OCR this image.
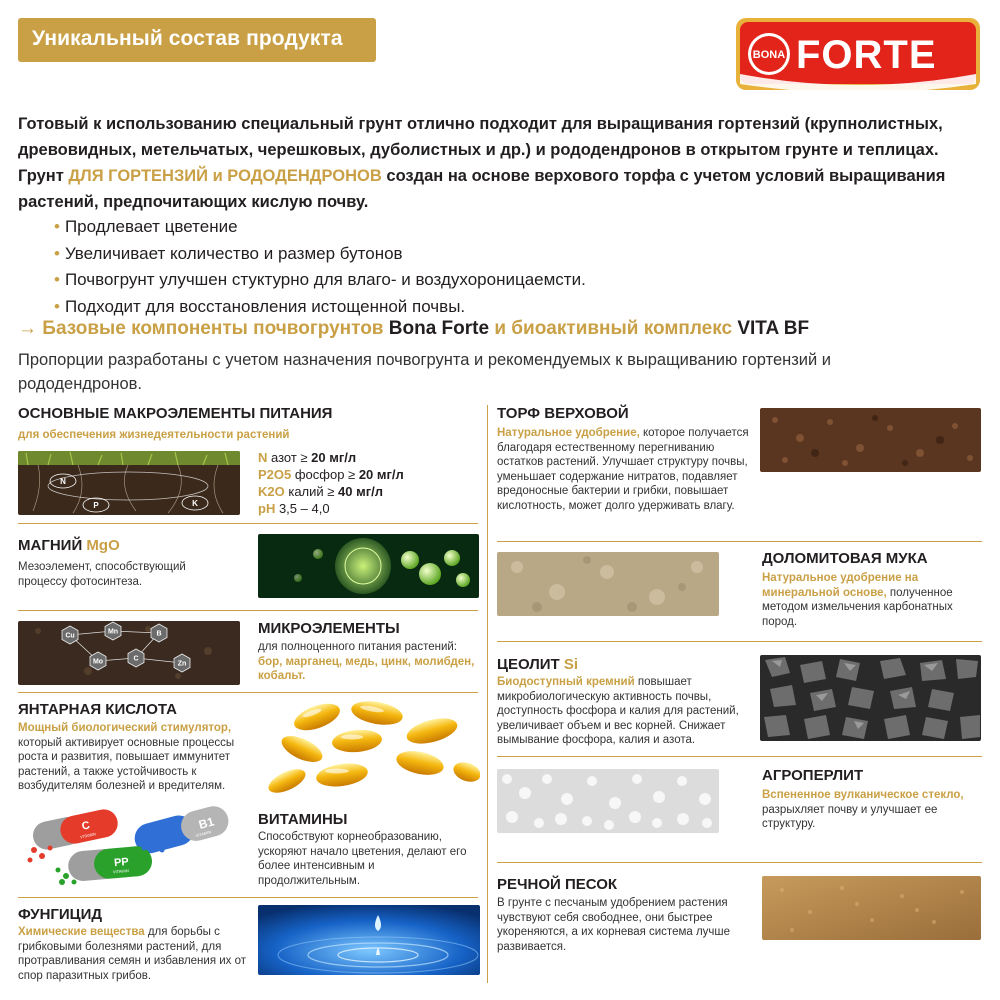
Уникальный состав продукта
BONA FORTE
Готовый к использованию специальный грунт отлично подходит для выращивания гортензий (крупнолистных, древовидных, метельчатых, черешковых, дуболистных и др.) и рододендронов в открытом грунте и теплицах.
Грунт ДЛЯ ГОРТЕНЗИЙ и РОДОДЕНДРОНОВ создан на основе верхового торфа с учетом условий выращивания растений, предпочитающих кислую почву.
• Продлевает цветение
• Увеличивает количество и размер бутонов
• Почвогрунт улучшен стуктурно для влаго- и воздухороницаемсти.
• Подходит для восстановления истощенной почвы.
→ Базовые компоненты почвогрунтов Bona Forte и биоактивный комплекс VITA BF
Пропорции разработаны с учетом назначения почвогрунта и рекомендуемых к выращиванию гортензий и рододендронов.
ОСНОВНЫЕ МАКРОЭЛЕМЕНТЫ ПИТАНИЯ
для обеспечения жизнедеятельности растений
N
P	K
N азот ≥ 20 мг/л
P2O5 фосфор ≥ 20 мг/л
K2O калий ≥ 40 мг/л
pH 3,5 – 4,0
МАГНИЙ MgO
Мезоэлемент, способствующий процессу фотосинтеза.
Cu
Mn	B
Mo	C
Zn
МИКРОЭЛЕМЕНТЫ
для полноценного питания растений:
бор, марганец, медь, цинк, молибден, кобальт.
ЯНТАРНАЯ КИСЛОТА
Мощный биологический стимулятор, который активирует основные процессы роста и развития, повышает иммунитет растений, а также устойчивость к возбудителям болезней и вредителям.
C
VITAMIN
B1
VITAMIN
PP
VITAMIN
ВИТАМИНЫ
Способствуют корнеобразованию, ускоряют начало цветения, делают его более интенсивным и продолжительным.
ФУНГИЦИД
Химические вещества для борьбы с грибковыми болезнями растений, для протравливания семян и избавления их от спор паразитных грибов.
ТОРФ ВЕРХОВОЙ
Натуральное удобрение, которое получается благодаря естественному перегниванию остатков растений. Улучшает структуру почвы, уменьшает содержание нитратов, подавляет вредоносные бактерии и грибки, повышает кислотность, может долго удерживать влагу.
ДОЛОМИТОВАЯ МУКА
Натуральное удобрение на минеральной основе, полученное методом измельчения карбонатных пород.
ЦЕОЛИТ Si
Биодоступный кремний повышает микробиологическую активность почвы, доступность фосфора и калия для растений, увеличивает объем и вес корней. Снижает вымывание фосфора, калия и азота.
АГРОПЕРЛИТ
Вспененное вулканическое стекло, разрыхляет почву и улучшает ее структуру.
РЕЧНОЙ ПЕСОК
В грунте с песчаным удобрением растения чувствуют себя свободнее, они быстрее укореняются, а их корневая система лучше развивается.
